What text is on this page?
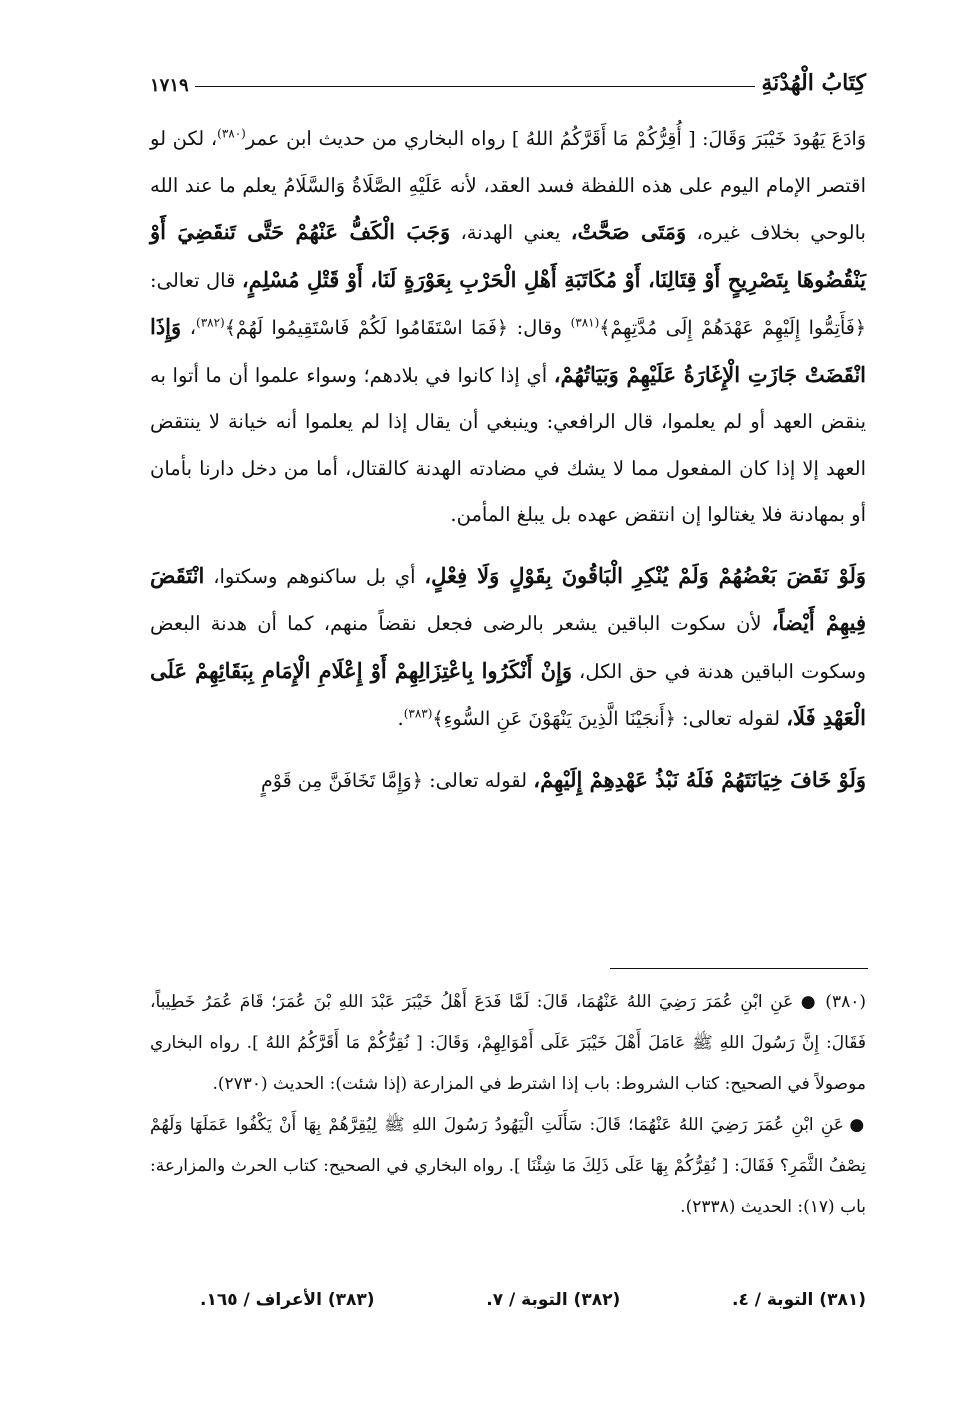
كِتَابُ الْهُدْنَةِ
١٧١٩

وَادَعَ يَهُودَ خَيْبَرَ وَقَالَ: [ أُقِرُّكُمْ مَا أَقَرَّكُمُ اللهُ ] رواه البخاري من حديث ابن عمر$^{(٣٨٠)}$، لكن لو اقتصر الإمام اليوم على هذه اللفظة فسد العقد، لأنه عَلَيْهِ الصَّلَاةُ وَالسَّلَامُ يعلم ما عند الله بالوحي بخلاف غيره، وَمَتَى صَحَّتْ، يعني الهدنة، وَجَبَ الْكَفُّ عَنْهُمْ حَتَّى تَنقَضِيَ أَوْ يَنْقُضُوهَا بِتَصْرِيحٍ أَوْ قِتَالِنَا، أَوْ مُكَاتَبَةِ أَهْلِ الْحَرْبِ بِعَوْرَةٍ لَنَا، أَوْ قَتْلِ مُسْلِمٍ، قال تعالى: ﴿فَأَتِمُّوا إِلَيْهِمْ عَهْدَهُمْ إِلَى مُدَّتِهِمْ﴾$^{(٣٨١)}$ وقال: ﴿فَمَا اسْتَقَامُوا لَكُمْ فَاسْتَقِيمُوا لَهُمْ﴾$^{(٣٨٢)}$، وَإِذَا انْقَضَتْ جَازَتِ الْإِغَارَةُ عَلَيْهِمْ وَبَيَاتُهُمْ، أي إذا كانوا في بلادهم؛ وسواء علموا أن ما أتوا به ينقض العهد أو لم يعلموا، قال الرافعي: وينبغي أن يقال إذا لم يعلموا أنه خيانة لا ينتقض العهد إلا إذا كان المفعول مما لا يشك في مضادته الهدنة كالقتال، أما من دخل دارنا بأمان أو بمهادنة فلا يغتالوا إن انتقض عهده بل يبلغ المأمن.

وَلَوْ نَقَضَ بَعْضُهُمْ وَلَمْ يُنْكِرِ الْبَاقُونَ بِقَوْلٍ وَلَا فِعْلٍ، أي بل ساكنوهم وسكتوا، انْتَقَضَ فِيهِمْ أَيْضاً، لأن سكوت الباقين يشعر بالرضى فجعل نقضاً منهم، كما أن هدنة البعض وسكوت الباقين هدنة في حق الكل، وَإِنْ أَنْكَرُوا بِاعْتِزَالِهِمْ أَوْ إِعْلَامِ الْإِمَامِ بِبَقَائِهِمْ عَلَى الْعَهْدِ فَلَا، لقوله تعالى: ﴿أَنجَيْنَا الَّذِينَ يَنْهَوْنَ عَنِ السُّوءِ﴾$^{(٣٨٣)}$.

وَلَوْ خَافَ خِيَانَتَهُمْ فَلَهُ نَبْذُ عَهْدِهِمْ إِلَيْهِمْ، لقوله تعالى: ﴿وَإِمَّا تَخَافَنَّ مِن قَوْمٍ

(٣٨٠) ● عَنِ ابْنِ عُمَرَ رَضِيَ اللهُ عَنْهُمَا، قَالَ: لَمَّا فَدَعَ أَهْلُ خَيْبَرَ عَبْدَ اللهِ بْنَ عُمَرَ؛ قَامَ عُمَرُ خَطِيباً، فَقَالَ: إِنَّ رَسُولَ اللهِ ﷺ عَامَلَ أَهْلَ خَيْبَرَ عَلَى أَمْوَالِهِمْ، وَقَالَ: [ نُقِرُّكُمْ مَا أَقَرَّكُمُ اللهُ ]. رواه البخاري موصولاً في الصحيح: كتاب الشروط: باب إذا اشترط في المزارعة (إذا شئت): الحديث (٢٧٣٠).

● عَنِ ابْنِ عُمَرَ رَضِيَ اللهُ عَنْهُمَا؛ قَالَ: سَأَلَتِ الْيَهُودُ رَسُولَ اللهِ ﷺ لِيُقِرَّهُمْ بِهَا أَنْ يَكْفُوا عَمَلَهَا وَلَهُمْ نِصْفُ الثَّمَرِ؟ فَقَالَ: [ نُقِرُّكُمْ بِهَا عَلَى ذَلِكَ مَا شِئْنَا ]. رواه البخاري في الصحيح: كتاب الحرث والمزارعة: باب (١٧): الحديث (٢٣٣٨).

(٣٨١) التوبة / ٤.
(٣٨٢) التوبة / ٧.
(٣٨٣) الأعراف / ١٦٥.
